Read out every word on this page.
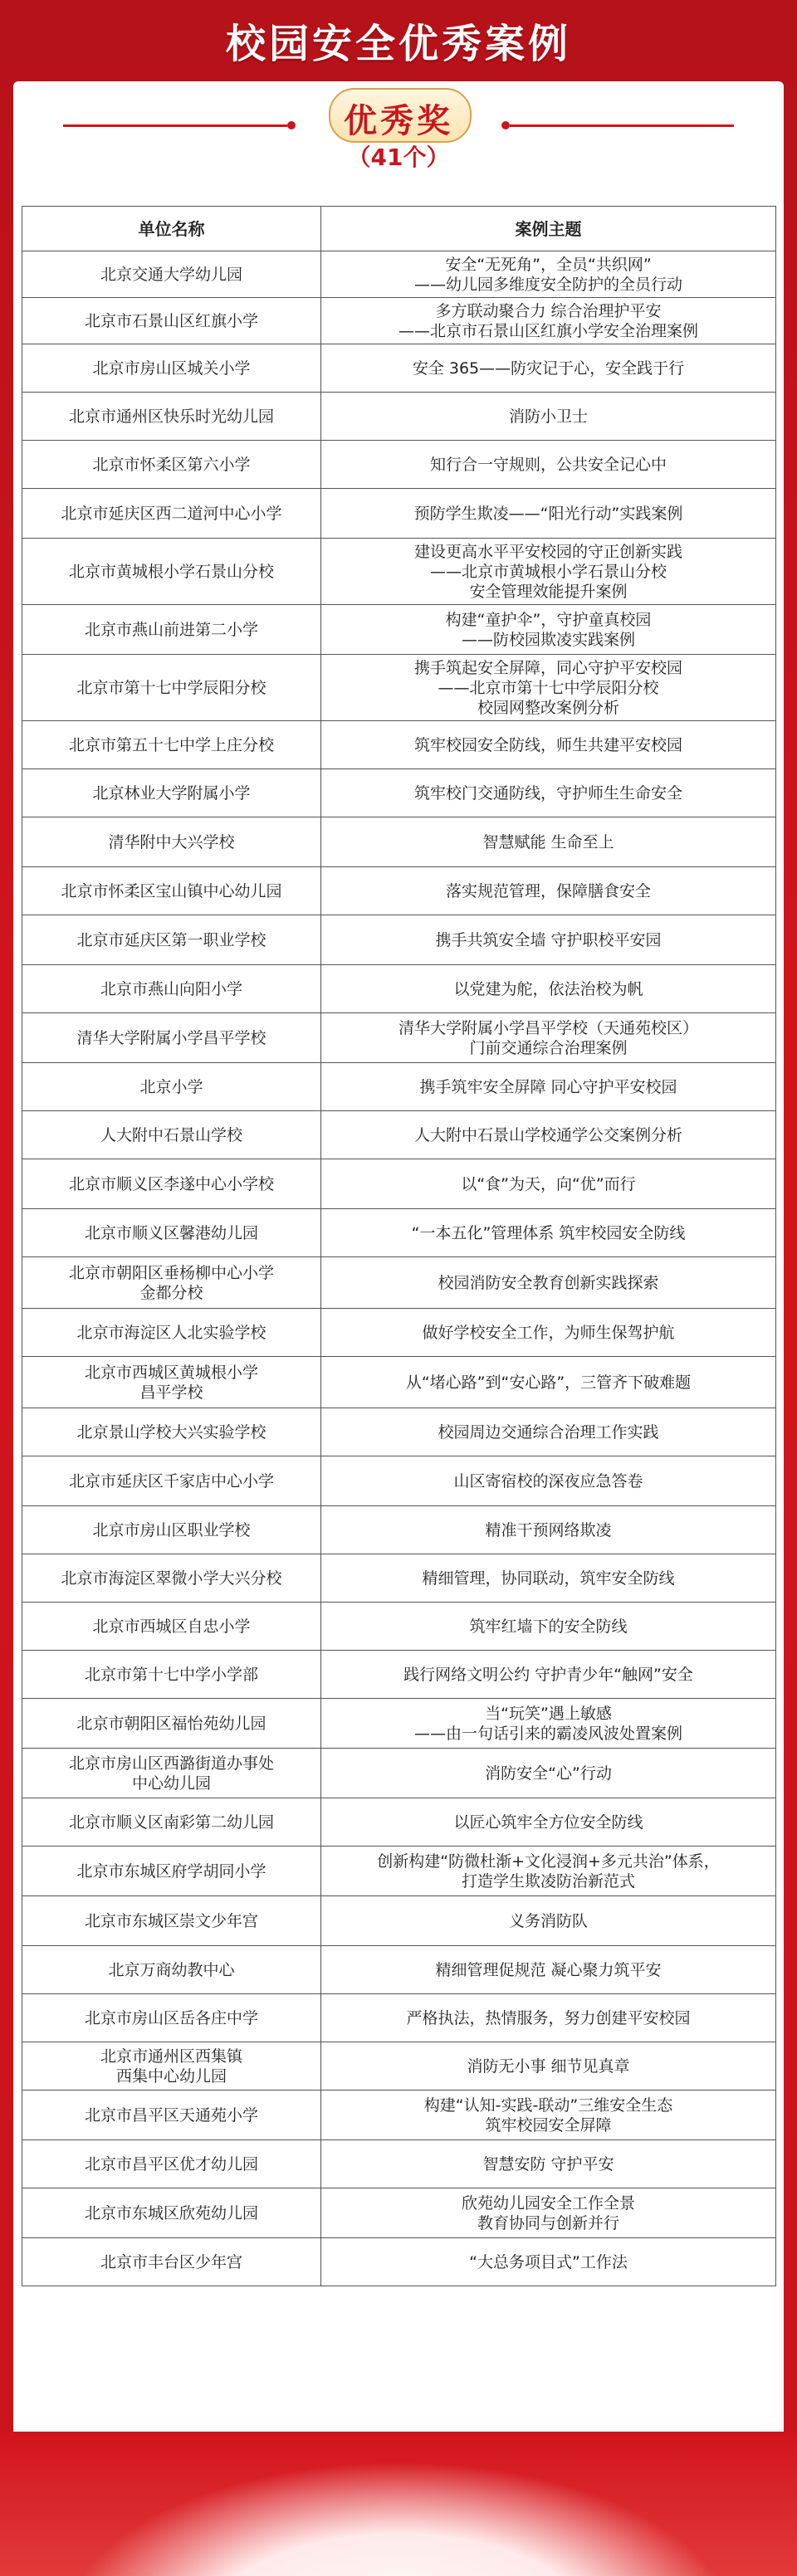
校园安全优秀案例
优秀奖
（41个）
单位名称	案例主题

北京交通大学幼儿园	安全“无死角”，全员“共织网”
——幼儿园多维度安全防护的全员行动

北京市石景山区红旗小学	多方联动聚合力 综合治理护平安
——北京市石景山区红旗小学安全治理案例

北京市房山区城关小学	安全 365——防灾记于心，安全践于行

北京市通州区快乐时光幼儿园	消防小卫士

北京市怀柔区第六小学	知行合一守规则，公共安全记心中

北京市延庆区西二道河中心小学	预防学生欺凌——“阳光行动”实践案例

北京市黄城根小学石景山分校	建设更高水平平安校园的守正创新实践
——北京市黄城根小学石景山分校
安全管理效能提升案例

北京市燕山前进第二小学	构建“童护伞”，守护童真校园
——防校园欺凌实践案例

北京市第十七中学辰阳分校	携手筑起安全屏障，同心守护平安校园
——北京市第十七中学辰阳分校
校园网整改案例分析

北京市第五十七中学上庄分校	筑牢校园安全防线，师生共建平安校园

北京林业大学附属小学	筑牢校门交通防线，守护师生生命安全

清华附中大兴学校	智慧赋能 生命至上

北京市怀柔区宝山镇中心幼儿园	落实规范管理，保障膳食安全

北京市延庆区第一职业学校	携手共筑安全墙 守护职校平安园

北京市燕山向阳小学	以党建为舵，依法治校为帆

清华大学附属小学昌平学校	清华大学附属小学昌平学校（天通苑校区）
门前交通综合治理案例

北京小学	携手筑牢安全屏障 同心守护平安校园

人大附中石景山学校	人大附中石景山学校通学公交案例分析

北京市顺义区李遂中心小学校	以“食”为天，向“优”而行

北京市顺义区馨港幼儿园	“一本五化”管理体系 筑牢校园安全防线

北京市朝阳区垂杨柳中心小学
金都分校	校园消防安全教育创新实践探索

北京市海淀区人北实验学校	做好学校安全工作，为师生保驾护航

北京市西城区黄城根小学
昌平学校	从“堵心路”到“安心路”，三管齐下破难题

北京景山学校大兴实验学校	校园周边交通综合治理工作实践

北京市延庆区千家店中心小学	山区寄宿校的深夜应急答卷

北京市房山区职业学校	精准干预网络欺凌

北京市海淀区翠微小学大兴分校	精细管理，协同联动，筑牢安全防线

北京市西城区自忠小学	筑牢红墙下的安全防线

北京市第十七中学小学部	践行网络文明公约 守护青少年“触网”安全

北京市朝阳区福怡苑幼儿园	当“玩笑”遇上敏感
——由一句话引来的霸凌风波处置案例

北京市房山区西潞街道办事处
中心幼儿园	消防安全“心”行动

北京市顺义区南彩第二幼儿园	以匠心筑牢全方位安全防线

北京市东城区府学胡同小学	创新构建“防微杜渐+文化浸润+多元共治”体系，
打造学生欺凌防治新范式

北京市东城区崇文少年宫	义务消防队

北京万商幼教中心	精细管理促规范 凝心聚力筑平安

北京市房山区岳各庄中学	严格执法，热情服务，努力创建平安校园

北京市通州区西集镇
西集中心幼儿园	消防无小事 细节见真章

北京市昌平区天通苑小学	构建“认知-实践-联动”三维安全生态
筑牢校园安全屏障

北京市昌平区优才幼儿园	智慧安防 守护平安

北京市东城区欣苑幼儿园	欣苑幼儿园安全工作全景
教育协同与创新并行

北京市丰台区少年宫	“大总务项目式”工作法
